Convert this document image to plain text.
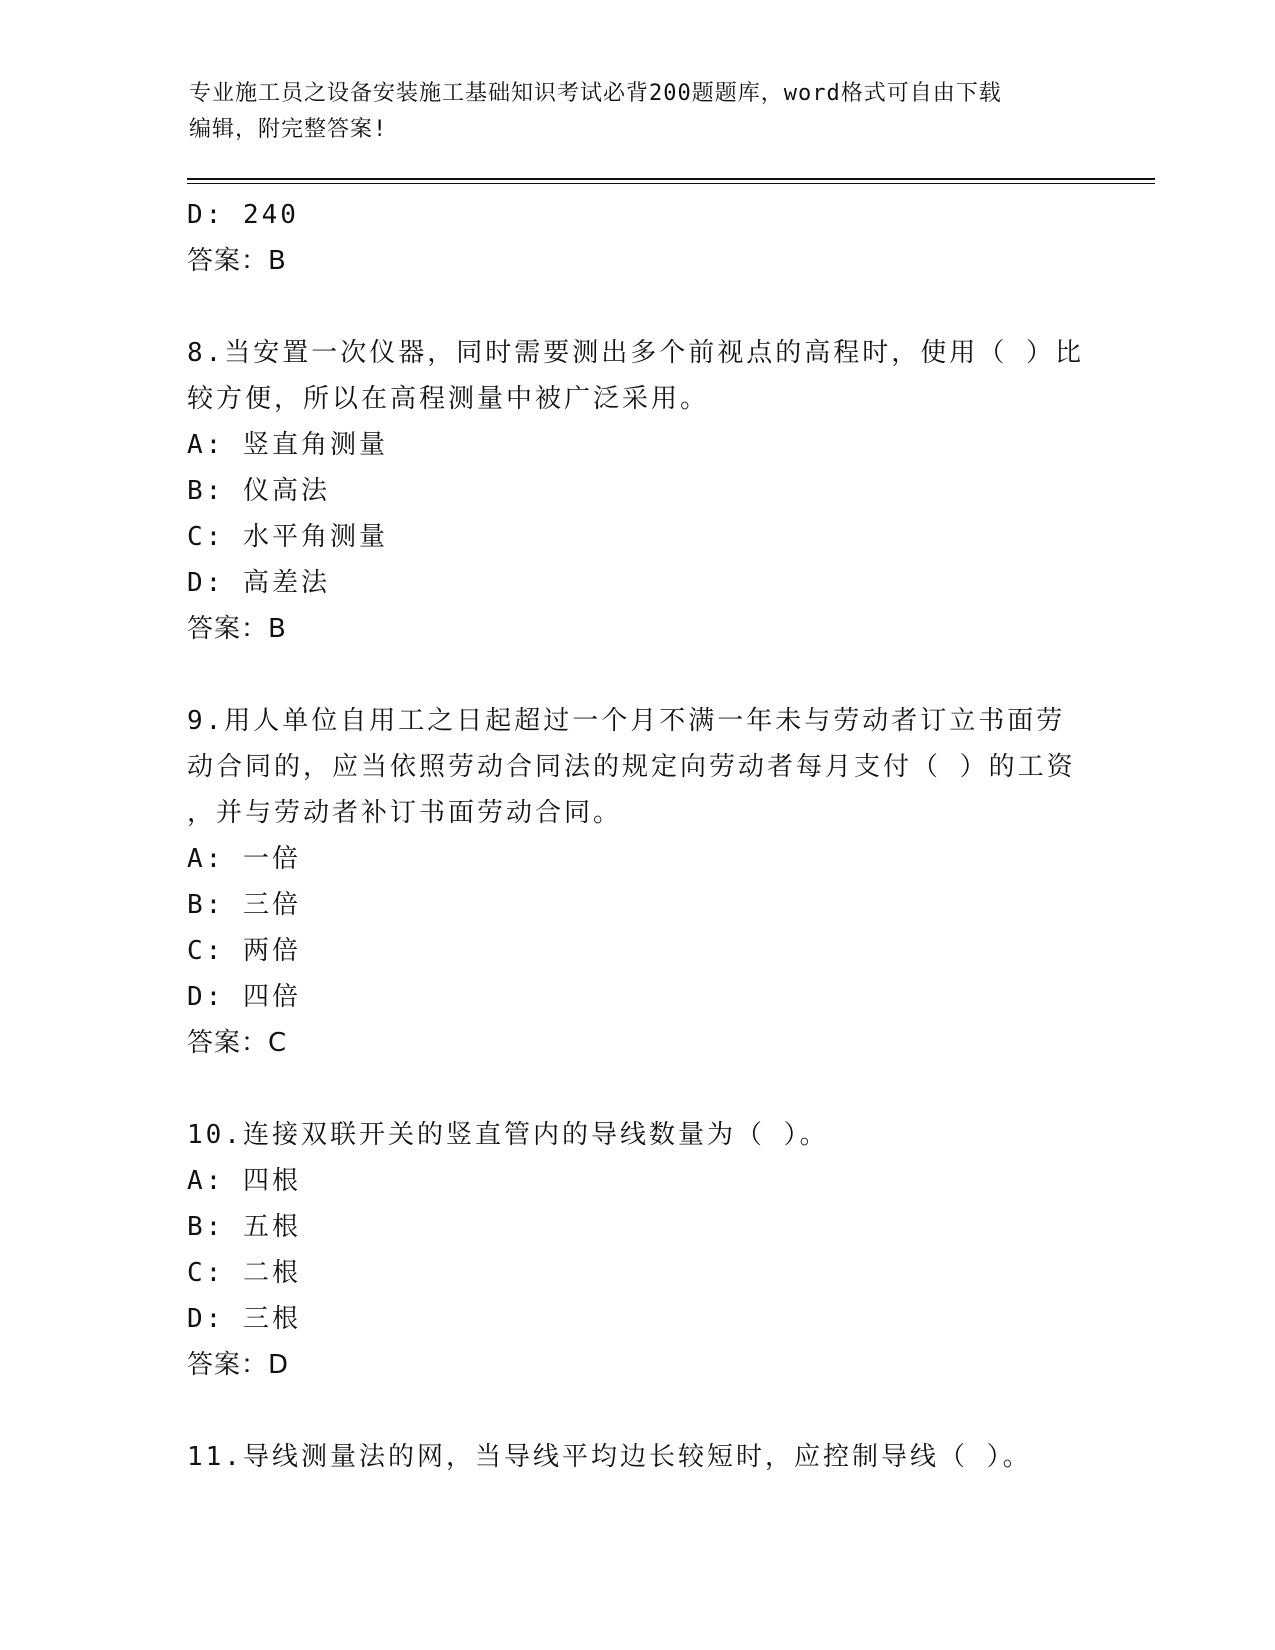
专业施工员之设备安装施工基础知识考试必背200题题库，word格式可自由下载
编辑，附完整答案!
D: 240
答案：B
8.当安置一次仪器，同时需要测出多个前视点的高程时，使用（ ）比
较方便，所以在高程测量中被广泛采用。
A: 竖直角测量
B: 仪高法
C: 水平角测量
D: 高差法
答案：B
9.用人单位自用工之日起超过一个月不满一年未与劳动者订立书面劳
动合同的，应当依照劳动合同法的规定向劳动者每月支付（ ）的工资
，并与劳动者补订书面劳动合同。
A: 一倍
B: 三倍
C: 两倍
D: 四倍
答案：C
10.连接双联开关的竖直管内的导线数量为（ ）。
A: 四根
B: 五根
C: 二根
D: 三根
答案：D
11.导线测量法的网，当导线平均边长较短时，应控制导线（ ）。
